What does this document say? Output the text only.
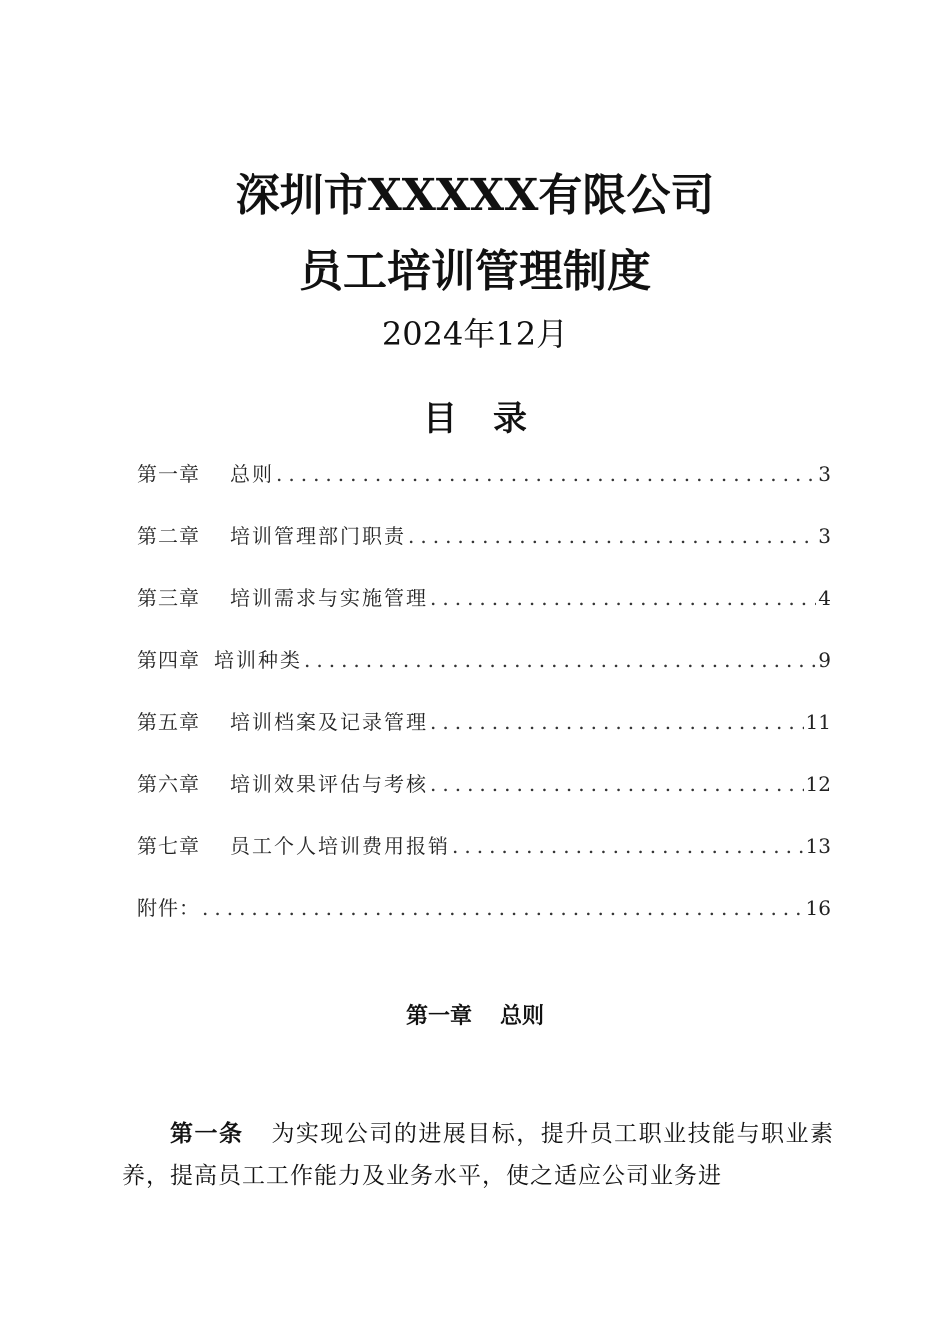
深圳市XXXXX有限公司
员工培训管理制度
2024年12月
目录
第一章 总则 .....	3
第二章 培训管理部门职责 .....	3
第三章 培训需求与实施管理 .....	4
第四章 培训种类 .....	9
第五章 培训档案及记录管理 .....	11
第六章 培训效果评估与考核 .....	12
第七章 员工个人培训费用报销 .....	13
附件： .....	16
第一章 总则

第一条 为实现公司的进展目标，提升员工职业技能与职业素养，提高员工工作能力及业务水平，使之适应公司业务进
